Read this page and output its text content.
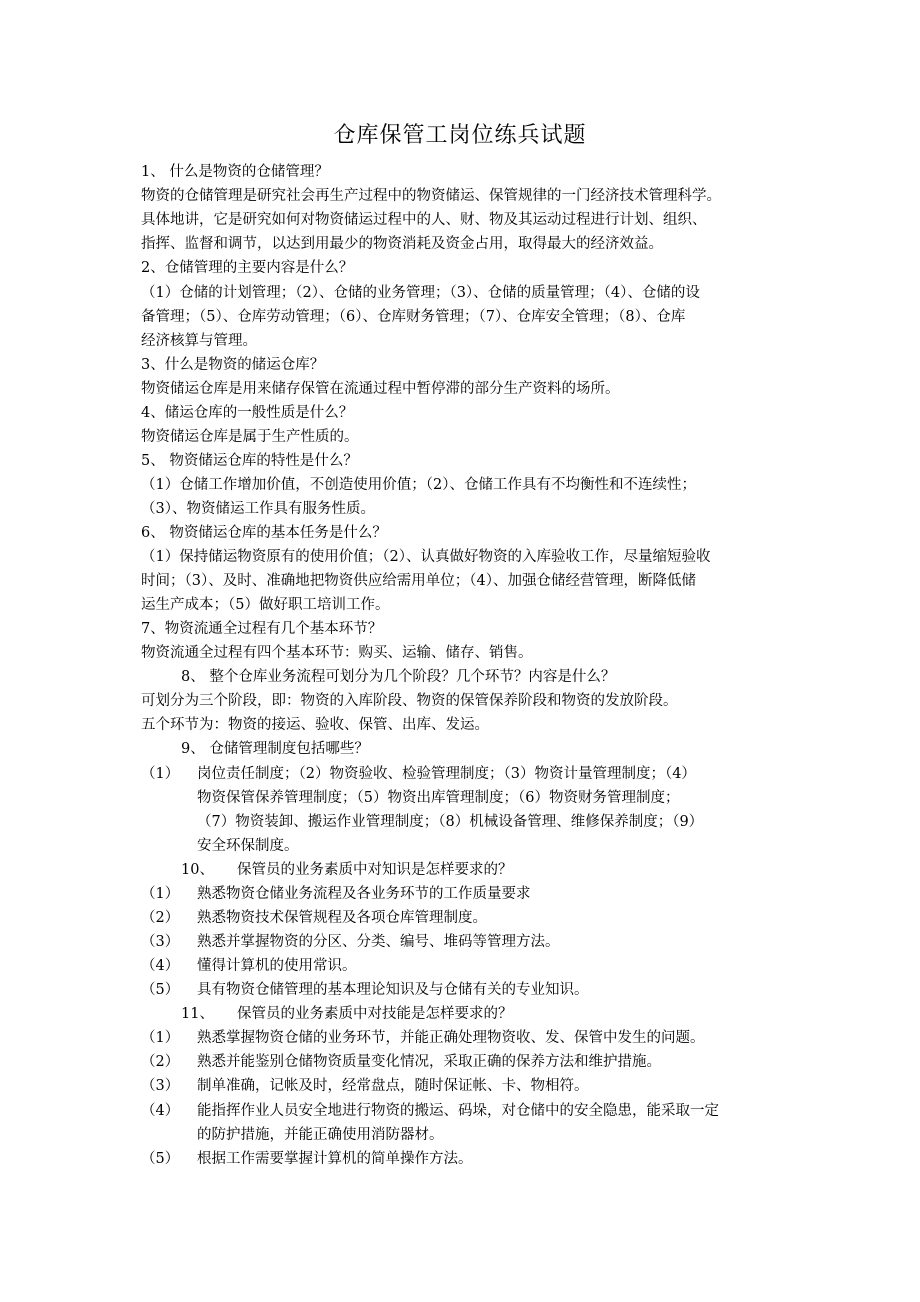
仓库保管工岗位练兵试题
1、 什么是物资的仓储管理？
物资的仓储管理是研究社会再生产过程中的物资储运、保管规律的一门经济技术管理科学。
具体地讲，它是研究如何对物资储运过程中的人、财、物及其运动过程进行计划、组织、
指挥、监督和调节，以达到用最少的物资消耗及资金占用，取得最大的经济效益。
2、仓储管理的主要内容是什么？
（1）仓储的计划管理；（2）、仓储的业务管理；（3）、仓储的质量管理；（4）、仓储的设
备管理；（5）、仓库劳动管理；（6）、仓库财务管理；（7）、仓库安全管理；（8）、仓库
经济核算与管理。
3、什么是物资的储运仓库？
物资储运仓库是用来储存保管在流通过程中暂停滞的部分生产资料的场所。
4、储运仓库的一般性质是什么？
物资储运仓库是属于生产性质的。
5、 物资储运仓库的特性是什么？
（1）仓储工作增加价值，不创造使用价值；（2）、仓储工作具有不均衡性和不连续性；
（3）、物资储运工作具有服务性质。
6、 物资储运仓库的基本任务是什么？
（1）保持储运物资原有的使用价值；（2）、认真做好物资的入库验收工作，尽量缩短验收
时间；（3）、及时、准确地把物资供应给需用单位；（4）、加强仓储经营管理，断降低储
运生产成本；（5）做好职工培训工作。
7、物资流通全过程有几个基本环节？
物资流通全过程有四个基本环节：购买、运输、储存、销售。
8、 整个仓库业务流程可划分为几个阶段？几个环节？内容是什么？
可划分为三个阶段，即：物资的入库阶段、物资的保管保养阶段和物资的发放阶段。
五个环节为：物资的接运、验收、保管、出库、发运。
9、 仓储管理制度包括哪些？
（1） 岗位责任制度；（2）物资验收、检验管理制度；（3）物资计量管理制度；（4）
物资保管保养管理制度；（5）物资出库管理制度；（6）物资财务管理制度；
（7）物资装卸、搬运作业管理制度；（8）机械设备管理、维修保养制度；（9）
安全环保制度。
10、 保管员的业务素质中对知识是怎样要求的？
（1） 熟悉物资仓储业务流程及各业务环节的工作质量要求
（2） 熟悉物资技术保管规程及各项仓库管理制度。
（3） 熟悉并掌握物资的分区、分类、编号、堆码等管理方法。
（4） 懂得计算机的使用常识。
（5） 具有物资仓储管理的基本理论知识及与仓储有关的专业知识。
11、 保管员的业务素质中对技能是怎样要求的？
（1） 熟悉掌握物资仓储的业务环节，并能正确处理物资收、发、保管中发生的问题。
（2） 熟悉并能鉴别仓储物资质量变化情况，采取正确的保养方法和维护措施。
（3） 制单准确，记帐及时，经常盘点，随时保证帐、卡、物相符。
（4） 能指挥作业人员安全地进行物资的搬运、码垛，对仓储中的安全隐患，能采取一定
的防护措施，并能正确使用消防器材。
（5） 根据工作需要掌握计算机的简单操作方法。
